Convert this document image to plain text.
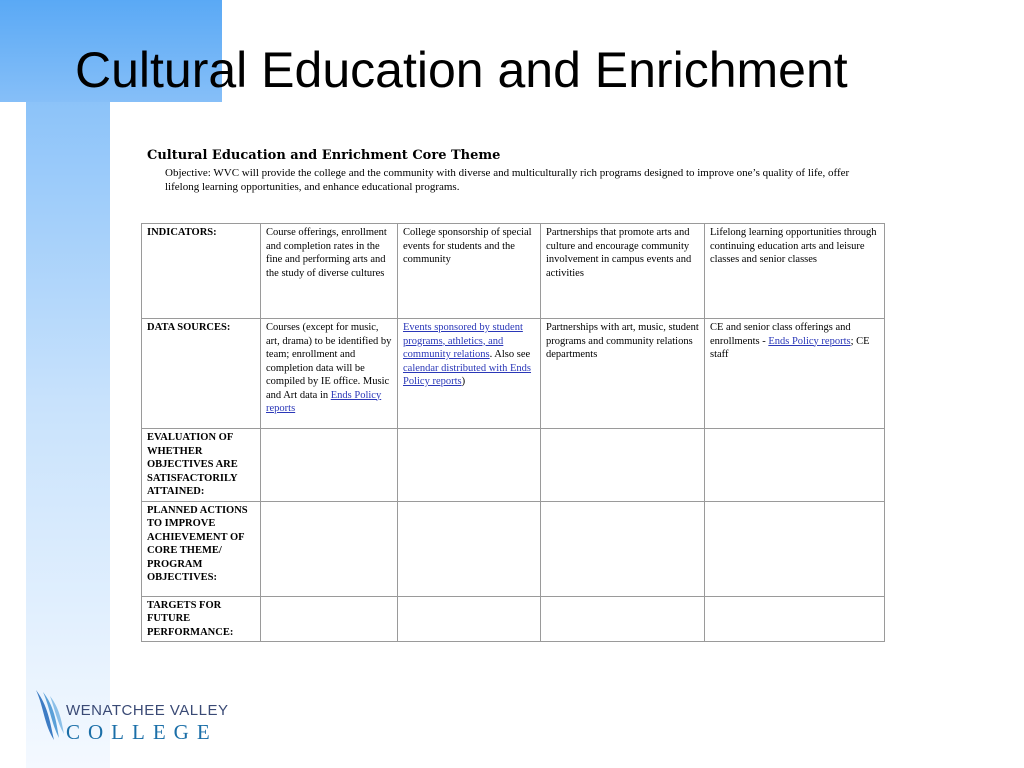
Cultural Education and Enrichment

Cultural Education and Enrichment Core Theme

Objective: WVC will provide the college and the community with diverse and multiculturally rich programs designed to improve one’s quality of life, offer lifelong learning opportunities, and enhance educational programs.

INDICATORS:	Course offerings, enrollment and completion rates in the fine and performing arts and the study of diverse cultures	College sponsorship of special events for students and the community	Partnerships that promote arts and culture and encourage community involvement in campus events and activities	Lifelong learning opportunities through continuing education arts and leisure classes and senior classes
DATA SOURCES:	Courses (except for music, art, drama) to be identified by team; enrollment and completion data will be compiled by IE office. Music and Art data in Ends Policy reports	Events sponsored by student programs, athletics, and community relations. Also see calendar distributed with Ends Policy reports)	Partnerships with art, music, student programs and community relations departments	CE and senior class offerings and enrollments - Ends Policy reports; CE staff
EVALUATION OF WHETHER OBJECTIVES ARE SATISFACTORILY ATTAINED:				
PLANNED ACTIONS TO IMPROVE ACHIEVEMENT OF CORE THEME/ PROGRAM OBJECTIVES:				
TARGETS FOR FUTURE PERFORMANCE:				
WENATCHEE VALLEY
COLLEGE
